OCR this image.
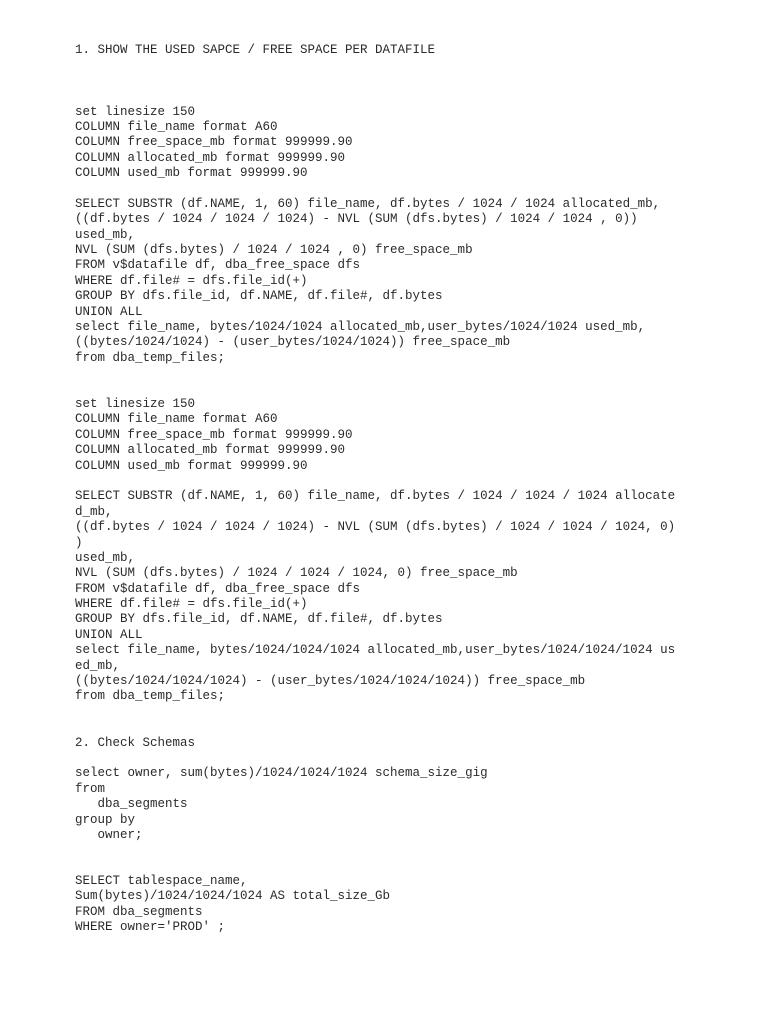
1. SHOW THE USED SAPCE / FREE SPACE PER DATAFILE
set linesize 150
COLUMN file_name format A60
COLUMN free_space_mb format 999999.90
COLUMN allocated_mb format 999999.90
COLUMN used_mb format 999999.90
SELECT SUBSTR (df.NAME, 1, 60) file_name, df.bytes / 1024 / 1024 allocated_mb,
((df.bytes / 1024 / 1024 / 1024) - NVL (SUM (dfs.bytes) / 1024 / 1024 , 0))
used_mb,
NVL (SUM (dfs.bytes) / 1024 / 1024 , 0) free_space_mb
FROM v$datafile df, dba_free_space dfs
WHERE df.file# = dfs.file_id(+)
GROUP BY dfs.file_id, df.NAME, df.file#, df.bytes
UNION ALL
select file_name, bytes/1024/1024 allocated_mb,user_bytes/1024/1024 used_mb,
((bytes/1024/1024) - (user_bytes/1024/1024)) free_space_mb
from dba_temp_files;
set linesize 150
COLUMN file_name format A60
COLUMN free_space_mb format 999999.90
COLUMN allocated_mb format 999999.90
COLUMN used_mb format 999999.90
SELECT SUBSTR (df.NAME, 1, 60) file_name, df.bytes / 1024 / 1024 / 1024 allocate
d_mb,
((df.bytes / 1024 / 1024 / 1024) - NVL (SUM (dfs.bytes) / 1024 / 1024 / 1024, 0)
)
used_mb,
NVL (SUM (dfs.bytes) / 1024 / 1024 / 1024, 0) free_space_mb
FROM v$datafile df, dba_free_space dfs
WHERE df.file# = dfs.file_id(+)
GROUP BY dfs.file_id, df.NAME, df.file#, df.bytes
UNION ALL
select file_name, bytes/1024/1024/1024 allocated_mb,user_bytes/1024/1024/1024 us
ed_mb,
((bytes/1024/1024/1024) - (user_bytes/1024/1024/1024)) free_space_mb
from dba_temp_files;
2. Check Schemas
select owner, sum(bytes)/1024/1024/1024 schema_size_gig
from
dba_segments
group by
owner;
SELECT tablespace_name,
Sum(bytes)/1024/1024/1024 AS total_size_Gb
FROM dba_segments
WHERE owner='PROD' ;
